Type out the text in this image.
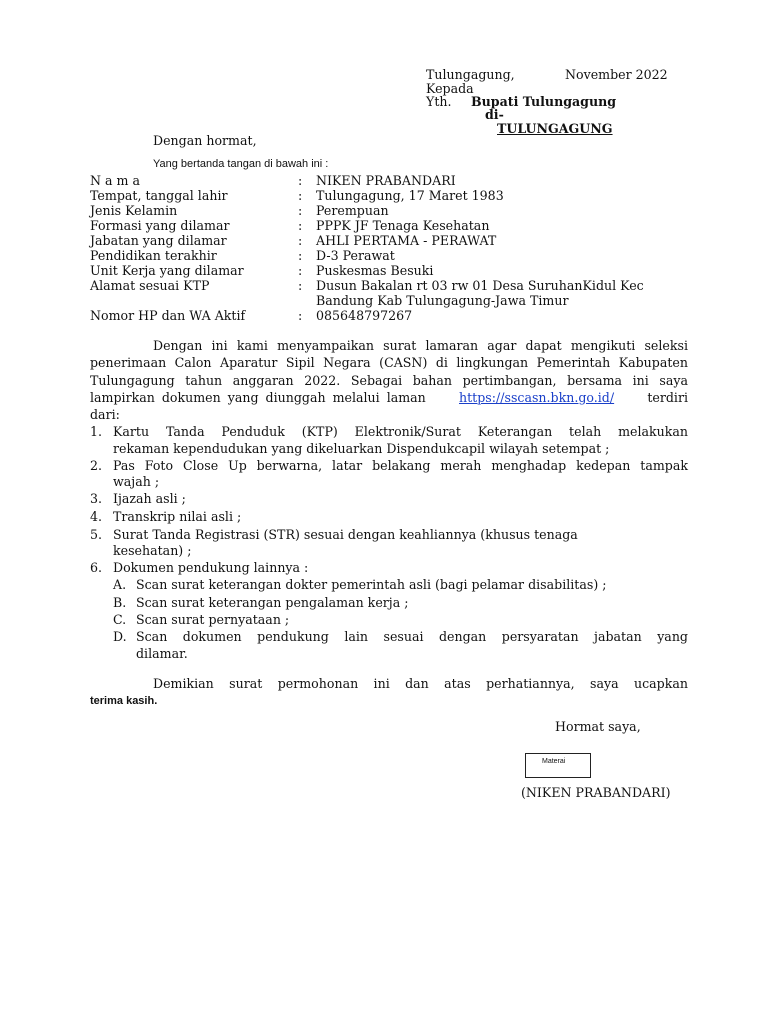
Tulungagung,	November 2022
Kepada
Yth. Bupati Tulungagung
di-
TULUNGAGUNG
Dengan hormat,
Yang bertanda tangan di bawah ini :
N a m a	: NIKEN PRABANDARI
Tempat, tanggal lahir	: Tulungagung, 17 Maret 1983
Jenis Kelamin	: Perempuan
Formasi yang dilamar	: PPPK JF Tenaga Kesehatan
Jabatan yang dilamar	: AHLI PERTAMA - PERAWAT
Pendidikan terakhir	: D-3 Perawat
Unit Kerja yang dilamar	: Puskesmas Besuki
Alamat sesuai KTP	: Dusun Bakalan rt 03 rw 01 Desa SuruhanKidul Kec
Bandung Kab Tulungagung-Jawa Timur
Nomor HP dan WA Aktif	: 085648797267
Dengan ini kami menyampaikan surat lamaran agar dapat mengikuti seleksi
penerimaan Calon Aparatur Sipil Negara (CASN) di lingkungan Pemerintah Kabupaten
Tulungagung tahun anggaran 2022. Sebagai bahan pertimbangan, bersama ini saya
lampirkan dokumen yang diunggah melalui laman	https://sscasn.bkn.go.id/	terdiri
dari:
1. Kartu Tanda Penduduk (KTP) Elektronik/Surat Keterangan telah melakukan
rekaman kependudukan yang dikeluarkan Dispendukcapil wilayah setempat ;
2. Pas Foto Close Up berwarna, latar belakang merah menghadap kedepan tampak
wajah ;
3. Ijazah asli ;
4. Transkrip nilai asli ;
5. Surat Tanda Registrasi (STR) sesuai dengan keahliannya (khusus tenaga
kesehatan) ;
6. Dokumen pendukung lainnya :
A. Scan surat keterangan dokter pemerintah asli (bagi pelamar disabilitas) ;
B. Scan surat keterangan pengalaman kerja ;
C. Scan surat pernyataan ;
D. Scan dokumen pendukung lain sesuai dengan persyaratan jabatan yang
dilamar.
Demikian surat permohonan ini dan atas perhatiannya, saya ucapkan
terima kasih.
Hormat saya,
Materai
(NIKEN PRABANDARI)
